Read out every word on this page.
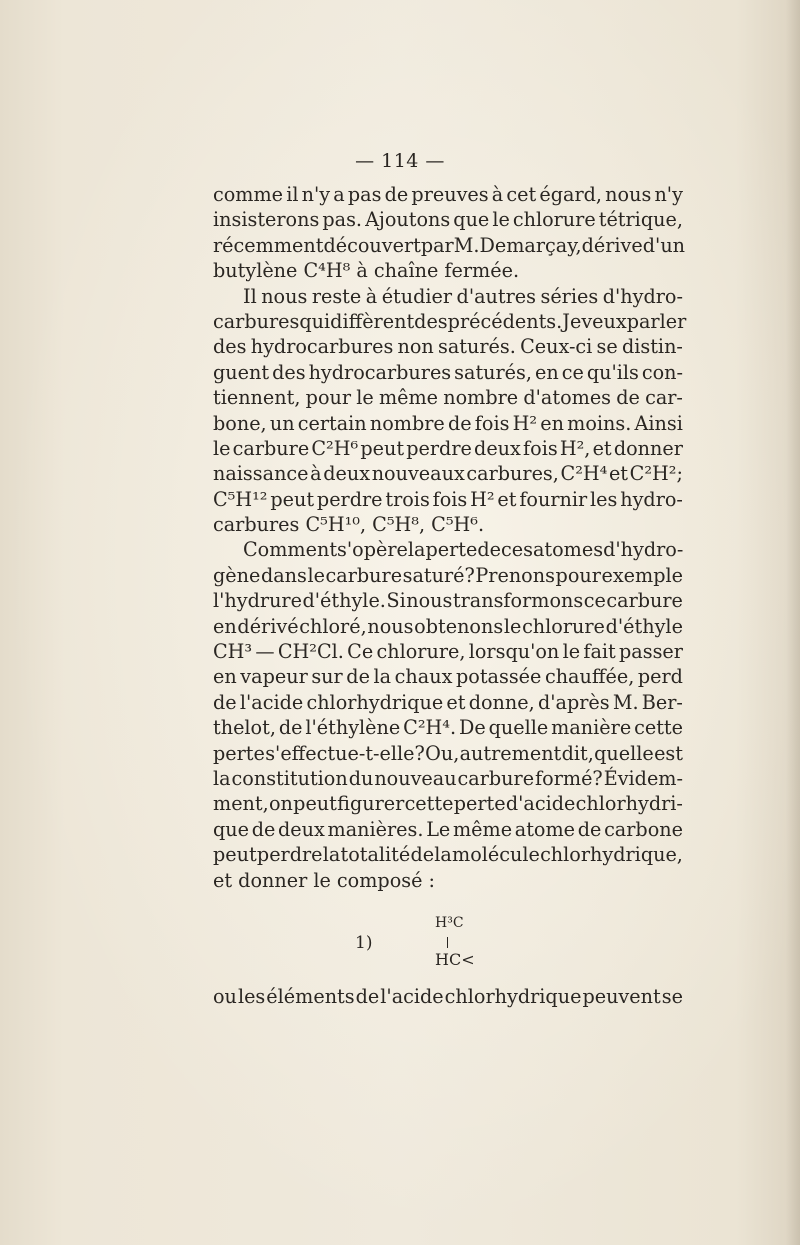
— 114 —
comme il n'y a pas de preuves à cet égard, nous n'y
insisterons pas. Ajoutons que le chlorure tétrique,
récemment découvert par M. Demarçay, dérive d'un
butylène C⁴H⁸ à chaîne fermée.
Il nous reste à étudier d'autres séries d'hydro-
carbures qui diffèrent des précédents. Je veux parler
des hydrocarbures non saturés. Ceux-ci se distin-
guent des hydrocarbures saturés, en ce qu'ils con-
tiennent, pour le même nombre d'atomes de car-
bone, un certain nombre de fois H² en moins. Ainsi
le carbure C²H⁶ peut perdre deux fois H², et donner
naissance à deux nouveaux carbures, C²H⁴ et C²H²;
C⁵H¹² peut perdre trois fois H² et fournir les hydro-
carbures C⁵H¹⁰, C⁵H⁸, C⁵H⁶.
Comment s'opère la perte de ces atomes d'hydro-
gène dans le carbure saturé? Prenons pour exemple
l'hydrure d'éthyle. Si nous transformons ce carbure
en dérivé chloré, nous obtenons le chlorure d'éthyle
CH³ — CH²Cl. Ce chlorure, lorsqu'on le fait passer
en vapeur sur de la chaux potassée chauffée, perd
de l'acide chlorhydrique et donne, d'après M. Ber-
thelot, de l'éthylène C²H⁴. De quelle manière cette
perte s'effectue-t-elle? Ou, autrement dit, quelle est
la constitution du nouveau carbure formé? Évidem-
ment, on peut figurer cette perte d'acide chlorhydri-
que de deux manières. Le même atome de carbone
peut perdre la totalité de la molécule chlorhydrique,
et donner le composé :
1)
H³C
HC<
ou les éléments de l'acide chlorhydrique peuvent se
